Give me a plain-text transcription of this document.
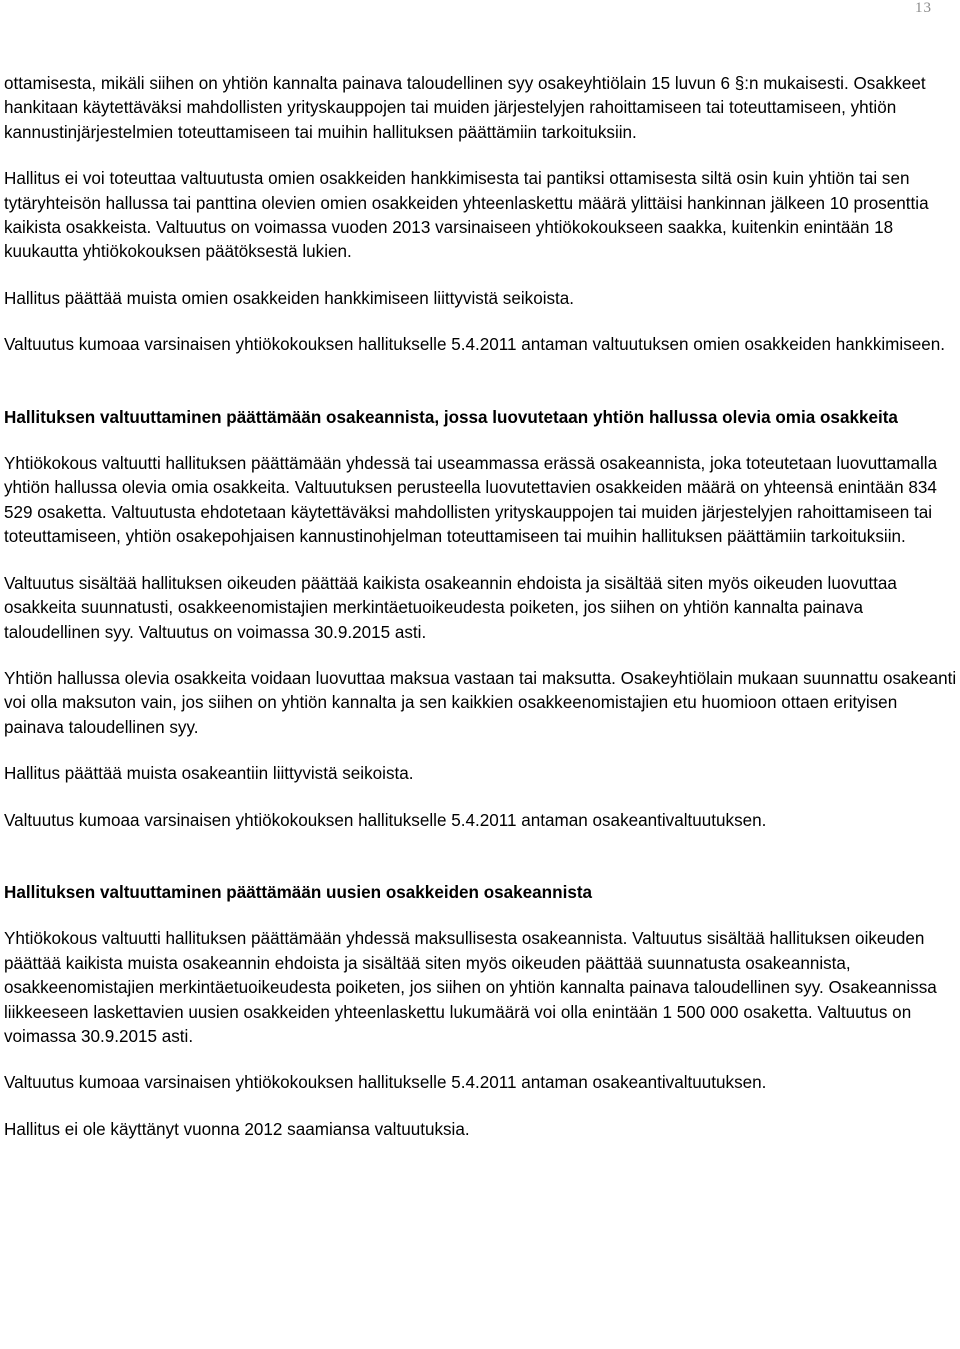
13

ottamisesta, mikäli siihen on yhtiön kannalta painava taloudellinen syy osakeyhtiölain 15 luvun 6 §:n mukaisesti. Osakkeet hankitaan käytettäväksi mahdollisten yrityskauppojen tai muiden järjestelyjen rahoittamiseen tai toteuttamiseen, yhtiön kannustinjärjestelmien toteuttamiseen tai muihin hallituksen päättämiin tarkoituksiin.

Hallitus ei voi toteuttaa valtuutusta omien osakkeiden hankkimisesta tai pantiksi ottamisesta siltä osin kuin yhtiön tai sen tytäryhteisön hallussa tai panttina olevien omien osakkeiden yhteenlaskettu määrä ylittäisi hankinnan jälkeen 10 prosenttia kaikista osakkeista. Valtuutus on voimassa vuoden 2013 varsinaiseen yhtiökokoukseen saakka, kuitenkin enintään 18 kuukautta yhtiökokouksen päätöksestä lukien.

Hallitus päättää muista omien osakkeiden hankkimiseen liittyvistä seikoista.

Valtuutus kumoaa varsinaisen yhtiökokouksen hallitukselle 5.4.2011 antaman valtuutuksen omien osakkeiden hankkimiseen.

Hallituksen valtuuttaminen päättämään osakeannista, jossa luovutetaan yhtiön hallussa olevia omia osakkeita

Yhtiökokous valtuutti hallituksen päättämään yhdessä tai useammassa erässä osakeannista, joka toteutetaan luovuttamalla yhtiön hallussa olevia omia osakkeita. Valtuutuksen perusteella luovutettavien osakkeiden määrä on yhteensä enintään 834 529 osaketta. Valtuutusta ehdotetaan käytettäväksi mahdollisten yrityskauppojen tai muiden järjestelyjen rahoittamiseen tai toteuttamiseen, yhtiön osakepohjaisen kannustinohjelman toteuttamiseen tai muihin hallituksen päättämiin tarkoituksiin.

Valtuutus sisältää hallituksen oikeuden päättää kaikista osakeannin ehdoista ja sisältää siten myös oikeuden luovuttaa osakkeita suunnatusti, osakkeenomistajien merkintäetuoikeudesta poiketen, jos siihen on yhtiön kannalta painava taloudellinen syy. Valtuutus on voimassa 30.9.2015 asti.

Yhtiön hallussa olevia osakkeita voidaan luovuttaa maksua vastaan tai maksutta. Osakeyhtiölain mukaan suunnattu osakeanti voi olla maksuton vain, jos siihen on yhtiön kannalta ja sen kaikkien osakkeenomistajien etu huomioon ottaen erityisen painava taloudellinen syy.

Hallitus päättää muista osakeantiin liittyvistä seikoista.

Valtuutus kumoaa varsinaisen yhtiökokouksen hallitukselle 5.4.2011 antaman osakeantivaltuutuksen.

Hallituksen valtuuttaminen päättämään uusien osakkeiden osakeannista

Yhtiökokous valtuutti hallituksen päättämään yhdessä maksullisesta osakeannista. Valtuutus sisältää hallituksen oikeuden päättää kaikista muista osakeannin ehdoista ja sisältää siten myös oikeuden päättää suunnatusta osakeannista, osakkeenomistajien merkintäetuoikeudesta poiketen, jos siihen on yhtiön kannalta painava taloudellinen syy. Osakeannissa liikkeeseen laskettavien uusien osakkeiden yhteenlaskettu lukumäärä voi olla enintään 1 500 000 osaketta. Valtuutus on voimassa 30.9.2015 asti.

Valtuutus kumoaa varsinaisen yhtiökokouksen hallitukselle 5.4.2011 antaman osakeantivaltuutuksen.

Hallitus ei ole käyttänyt vuonna 2012 saamiansa valtuutuksia.
